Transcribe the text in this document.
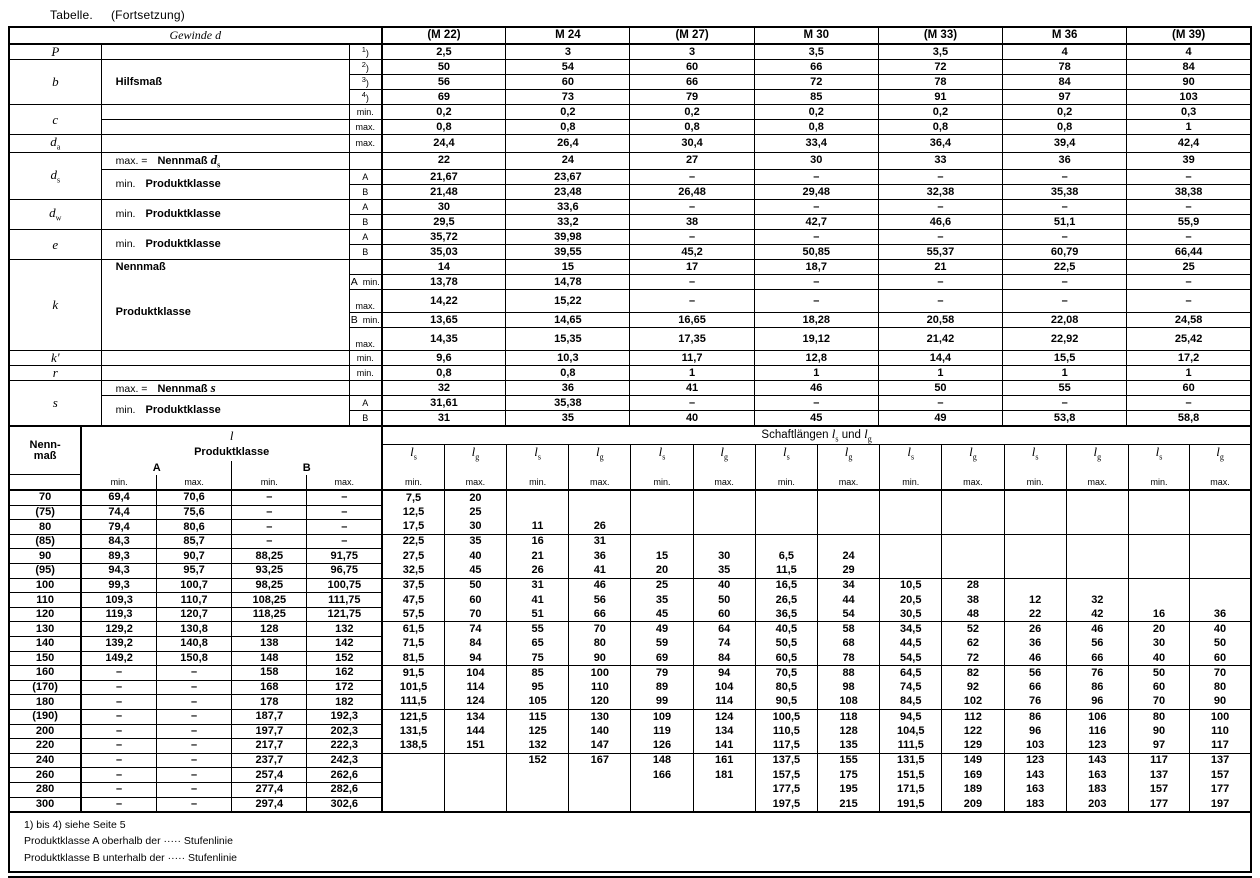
Tabelle. (Fortsetzung)
Gewinde d			(M 22)	M 24	(M 27)	M 30	(M 33)	M 36	(M 39)
P		$^1$)	2,5	3	3	3,5	3,5	4	4
b	Hilfsmaß	$^2$)	50	54	60	66	72	78	84
		$^3$)	56	60	66	72	78	84	90
		$^4$)	69	73	79	85	91	97	103
c		min.	0,2	0,2	0,2	0,2	0,2	0,2	0,3
		max.	0,8	0,8	0,8	0,8	0,8	0,8	1
$d_a$		max.	24,4	26,4	30,4	33,4	36,4	39,4	42,4
$d_s$	max. = Nennmaß $d_s$		22	24	27	30	33	36	39
	min. Produktklasse	A	21,67	23,67	–	–	–	–	–
		B	21,48	23,48	26,48	29,48	32,38	35,38	38,38
$d_w$	min. Produktklasse	A	30	33,6	–	–	–	–	–
		B	29,5	33,2	38	42,7	46,6	51,1	55,9
e	min. Produktklasse	A	35,72	39,98	–	–	–	–	–
		B	35,03	39,55	45,2	50,85	55,37	60,79	66,44
k	Nennmaß		14	15	17	18,7	21	22,5	25
	Produktklasse	A min.	13,78	14,78	–	–	–	–	–
		max.	14,22	15,22	–	–	–	–	–
		B min.	13,65	14,65	16,65	18,28	20,58	22,08	24,58
		max.	14,35	15,35	17,35	19,12	21,42	22,92	25,42
k'		min.	9,6	10,3	11,7	12,8	14,4	15,5	17,2
r		min.	0,8	0,8	1	1	1	1	1
s	max. = Nennmaß s		32	36	41	46	50	55	60
	min. Produktklasse	A	31,61	35,38	–	–	–	–	–
		B	31	35	40	45	49	53,8	58,8
Nenn-
maß	l				Schaftlängen $l_s$ und $l_g$
	Produktklasse				$l_s$	$l_g$	$l_s$	$l_g$	$l_s$	$l_g$	$l_s$	$l_g$	$l_s$	$l_g$	$l_s$	$l_g$	$l_s$	$l_g$
	A		B															
	min.	max.	min.	max.	min.	max.	min.	max.	min.	max.	min.	max.	min.	max.	min.	max.	min.	max.
70	69,4	70,6	–	–	7,5	20												
(75)	74,4	75,6	–	–	12,5	25												
80	79,4	80,6	–	–	17,5	30	11	26										
(85)	84,3	85,7	–	–	22,5	35	16	31										
90	89,3	90,7	88,25	91,75	27,5	40	21	36	15	30	6,5	24						
(95)	94,3	95,7	93,25	96,75	32,5	45	26	41	20	35	11,5	29						
100	99,3	100,7	98,25	100,75	37,5	50	31	46	25	40	16,5	34	10,5	28				
110	109,3	110,7	108,25	111,75	47,5	60	41	56	35	50	26,5	44	20,5	38	12	32		
120	119,3	120,7	118,25	121,75	57,5	70	51	66	45	60	36,5	54	30,5	48	22	42	16	36
130	129,2	130,8	128	132	61,5	74	55	70	49	64	40,5	58	34,5	52	26	46	20	40
140	139,2	140,8	138	142	71,5	84	65	80	59	74	50,5	68	44,5	62	36	56	30	50
150	149,2	150,8	148	152	81,5	94	75	90	69	84	60,5	78	54,5	72	46	66	40	60
160	–	–	158	162	91,5	104	85	100	79	94	70,5	88	64,5	82	56	76	50	70
(170)	–	–	168	172	101,5	114	95	110	89	104	80,5	98	74,5	92	66	86	60	80
180	–	–	178	182	111,5	124	105	120	99	114	90,5	108	84,5	102	76	96	70	90
(190)	–	–	187,7	192,3	121,5	134	115	130	109	124	100,5	118	94,5	112	86	106	80	100
200	–	–	197,7	202,3	131,5	144	125	140	119	134	110,5	128	104,5	122	96	116	90	110
220	–	–	217,7	222,3	138,5	151	132	147	126	141	117,5	135	111,5	129	103	123	97	117
240	–	–	237,7	242,3			152	167	148	161	137,5	155	131,5	149	123	143	117	137
260	–	–	257,4	262,6					166	181	157,5	175	151,5	169	143	163	137	157
280	–	–	277,4	282,6							177,5	195	171,5	189	163	183	157	177
300	–	–	297,4	302,6							197,5	215	191,5	209	183	203	177	197
1) bis 4) siehe Seite 5
Produktklasse A oberhalb der ····· Stufenlinie
Produktklasse B unterhalb der ····· Stufenlinie
